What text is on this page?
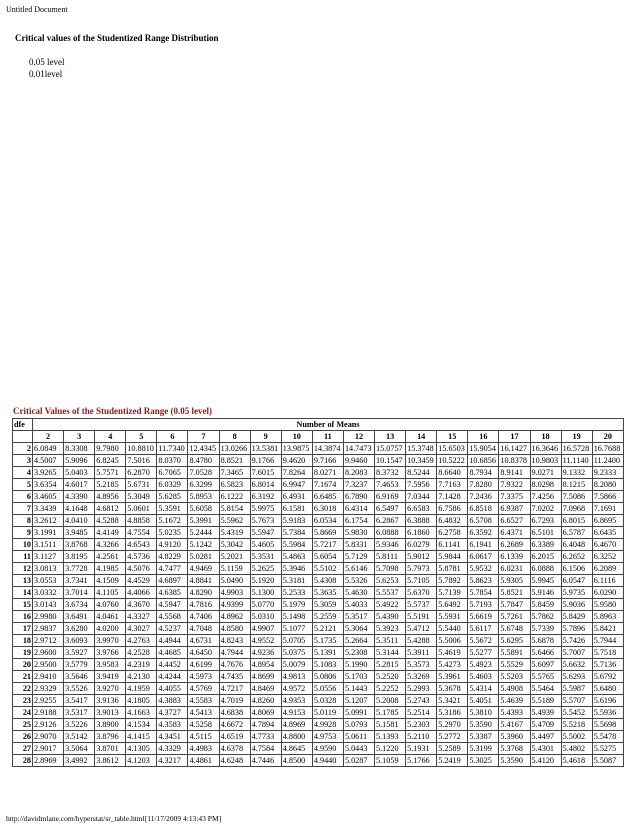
Untitled Document
Critical values of the Studentized Range Distribution
0.05 level
0.01level
Critical Values of the Studentized Range (0.05 level)
dfe	Number of Means																		
	2	3	4	5	6	7	8	9	10	11	12	13	14	15	16	17	18	19	20
2	6.0849	8.3308	9.7980	10.8810	11.7340	12.4345	13.0266	13.5381	13.9875	14.3874	14.7473	15.0757	15.3748	15.6503	15.9054	16.1427	16.3646	16.5728	16.7688
3	4.5007	5.9096	6.8245	7.5016	8.0370	8.4780	8.8521	9.1766	9.4620	9.7166	9.9460	10.1547	10.3459	10.5222	10.6856	10.8378	10.9803	11.1140	11.2400
4	3.9265	5.0403	5.7571	6.2870	6.7065	7.0528	7.3465	7.6015	7.8264	8.0271	8.2083	8.3732	8.5244	8.6640	8.7934	8.9141	9.0271	9.1332	9.2333
5	3.6354	4.6017	5.2185	5.6731	6.0329	6.3299	6.5823	6.8014	6.9947	7.1674	7.3237	7.4653	7.5956	7.7163	7.8280	7.9322	8.0298	8.1215	8.2080
6	3.4605	4.3390	4.8956	5.3049	5.6285	5.8953	6.1222	6.3192	6.4931	6.6485	6.7890	6.9169	7.0344	7.1428	7.2436	7.3375	7.4256	7.5086	7.5866
7	3.3439	4.1648	4.6812	5.0601	5.3591	5.6058	5.8154	5.9975	6.1581	6.3018	6.4314	6.5497	6.6583	6.7586	6.8518	6.9387	7.0202	7.0968	7.1691
8	3.2612	4.0410	4.5288	4.8858	5.1672	5.3991	5.5962	5.7673	5.9183	6.0534	6.1754	6.2867	6.3888	6.4832	6.5708	6.6527	6.7293	6.8015	6.8695
9	3.1991	3.9485	4.4149	4.7554	5.0235	5.2444	5.4319	5.5947	5.7384	5.8669	5.9830	6.0888	6.1860	6.2758	6.3592	6.4371	6.5101	6.5787	6.6435
10	3.1511	3.8768	4.3266	4.6543	4.9120	5.1242	5.3042	5.4605	5.5984	5.7217	5.8331	5.9346	6.0279	6.1141	6.1941	6.2689	6.3389	6.4048	6.4670
11	3.1127	3.8195	4.2561	4.5736	4.8229	5.0281	5.2021	5.3531	5.4863	5.6054	5.7129	5.8111	5.9012	5.9844	6.0617	6.1339	6.2015	6.2652	6.3252
12	3.0813	3.7728	4.1985	4.5076	4.7477	4.9469	5.1159	5.2625	5.3946	5.5102	5.6146	5.7098	5.7973	5.8781	5.9532	6.0231	6.0888	6.1506	6.2089
13	3.0553	3.7341	4.1509	4.4529	4.6897	4.8841	5.0490	5.1920	5.3181	5.4308	5.5326	5.6253	5.7105	5.7892	5.8623	5.9305	5.9945	6.0547	6.1116
14	3.0332	3.7014	4.1105	4.4066	4.6385	4.8290	4.9903	5.1300	5.2533	5.3635	5.4630	5.5537	5.6370	5.7139	5.7854	5.8521	5.9146	5.9735	6.0290
15	3.0143	3.6734	4.0760	4.3670	4.5947	4.7816	4.9399	5.0770	5.1979	5.3059	5.4033	5.4922	5.5737	5.6492	5.7193	5.7847	5.8459	5.9036	5.9580
16	2.9980	3.6491	4.0461	4.3327	4.5568	4.7406	4.8962	5.0310	5.1498	5.2559	5.3517	5.4390	5.5191	5.5931	5.6619	5.7261	5.7862	5.8429	5.8963
17	2.9837	3.6280	4.0200	4.3027	4.5237	4.7048	4.8580	4.9907	5.1077	5.2121	5.3064	5.3923	5.4712	5.5440	5.6117	5.6748	5.7339	5.7896	5.8421
18	2.9712	3.6093	3.9970	4.2763	4.4944	4.6731	4.8243	4.9552	5.0705	5.1735	5.2664	5.3511	5.4288	5.5006	5.5672	5.6295	5.6878	5.7426	5.7944
19	2.9600	3.5927	3.9766	4.2528	4.4685	4.6450	4.7944	4.9236	5.0375	5.1391	5.2308	5.3144	5.3911	5.4619	5.5277	5.5891	5.6466	5.7007	5.7518
20	2.9500	3.5779	3.9583	4.2319	4.4452	4.6199	4.7676	4.8954	5.0079	5.1083	5.1990	5.2815	5.3573	5.4273	5.4923	5.5529	5.6097	5.6632	5.7136
21	2.9410	3.5646	3.9419	4.2130	4.4244	4.5973	4.7435	4.8699	4.9813	5.0806	5.1703	5.2520	5.3269	5.3961	5.4603	5.5203	5.5765	5.6293	5.6792
22	2.9329	3.5526	3.9270	4.1959	4.4055	4.5769	4.7217	4.8469	4.9572	5.0556	5.1443	5.2252	5.2993	5.3678	5.4314	5.4908	5.5464	5.5987	5.6480
23	2.9255	3.5417	3.9136	4.1805	4.3883	4.5583	4.7019	4.8260	4.9353	5.0328	5.1207	5.2008	5.2743	5.3421	5.4051	5.4639	5.5189	5.5707	5.6196
24	2.9188	3.5317	3.9013	4.1663	4.3727	4.5413	4.6838	4.8069	4.9153	5.0119	5.0991	5.1785	5.2514	5.3186	5.3810	5.4393	5.4939	5.5452	5.5936
25	2.9126	3.5226	3.8900	4.1534	4.3583	4.5258	4.6672	4.7894	4.8969	4.9928	5.0793	5.1581	5.2303	5.2970	5.3590	5.4167	5.4709	5.5218	5.5698
26	2.9070	3.5142	3.8796	4.1415	4.3451	4.5115	4.6519	4.7733	4.8800	4.9753	5.0611	5.1393	5.2110	5.2772	5.3387	5.3960	5.4497	5.5002	5.5478
27	2.9017	3.5064	3.8701	4.1305	4.3329	4.4983	4.6378	4.7584	4.8645	4.9590	5.0443	5.1220	5.1931	5.2589	5.3199	5.3768	5.4301	5.4802	5.5275
28	2.8969	3.4992	3.8612	4.1203	4.3217	4.4861	4.6248	4.7446	4.8500	4.9440	5.0287	5.1059	5.1766	5.2419	5.3025	5.3590	5.4120	5.4618	5.5087
http://davidmlane.com/hyperstat/sr_table.html[11/17/2009 4:13:43 PM]
